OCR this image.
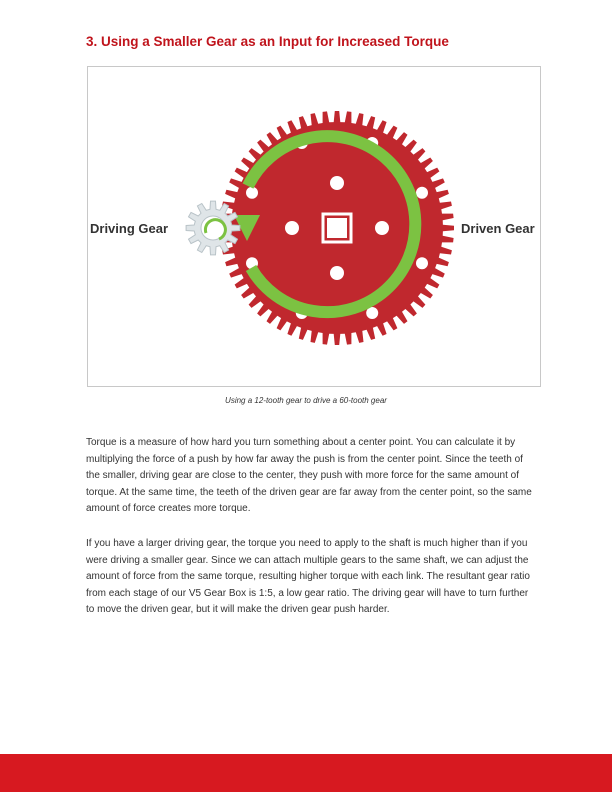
3. Using a Smaller Gear as an Input for Increased Torque
Driving Gear	Driven Gear
Using a 12-tooth gear to drive a 60-tooth gear

Torque is a measure of how hard you turn something about a center point. You can calculate it by multiplying the force of a push by how far away the push is from the center point. Since the teeth of the smaller, driving gear are close to the center, they push with more force for the same amount of torque. At the same time, the teeth of the driven gear are far away from the center point, so the same amount of force creates more torque.

If you have a larger driving gear, the torque you need to apply to the shaft is much higher than if you were driving a smaller gear. Since we can attach multiple gears to the same shaft, we can adjust the amount of force from the same torque, resulting higher torque with each link. The resultant gear ratio from each stage of our V5 Gear Box is 1:5, a low gear ratio. The driving gear will have to turn further to move the driven gear, but it will make the driven gear push harder.
